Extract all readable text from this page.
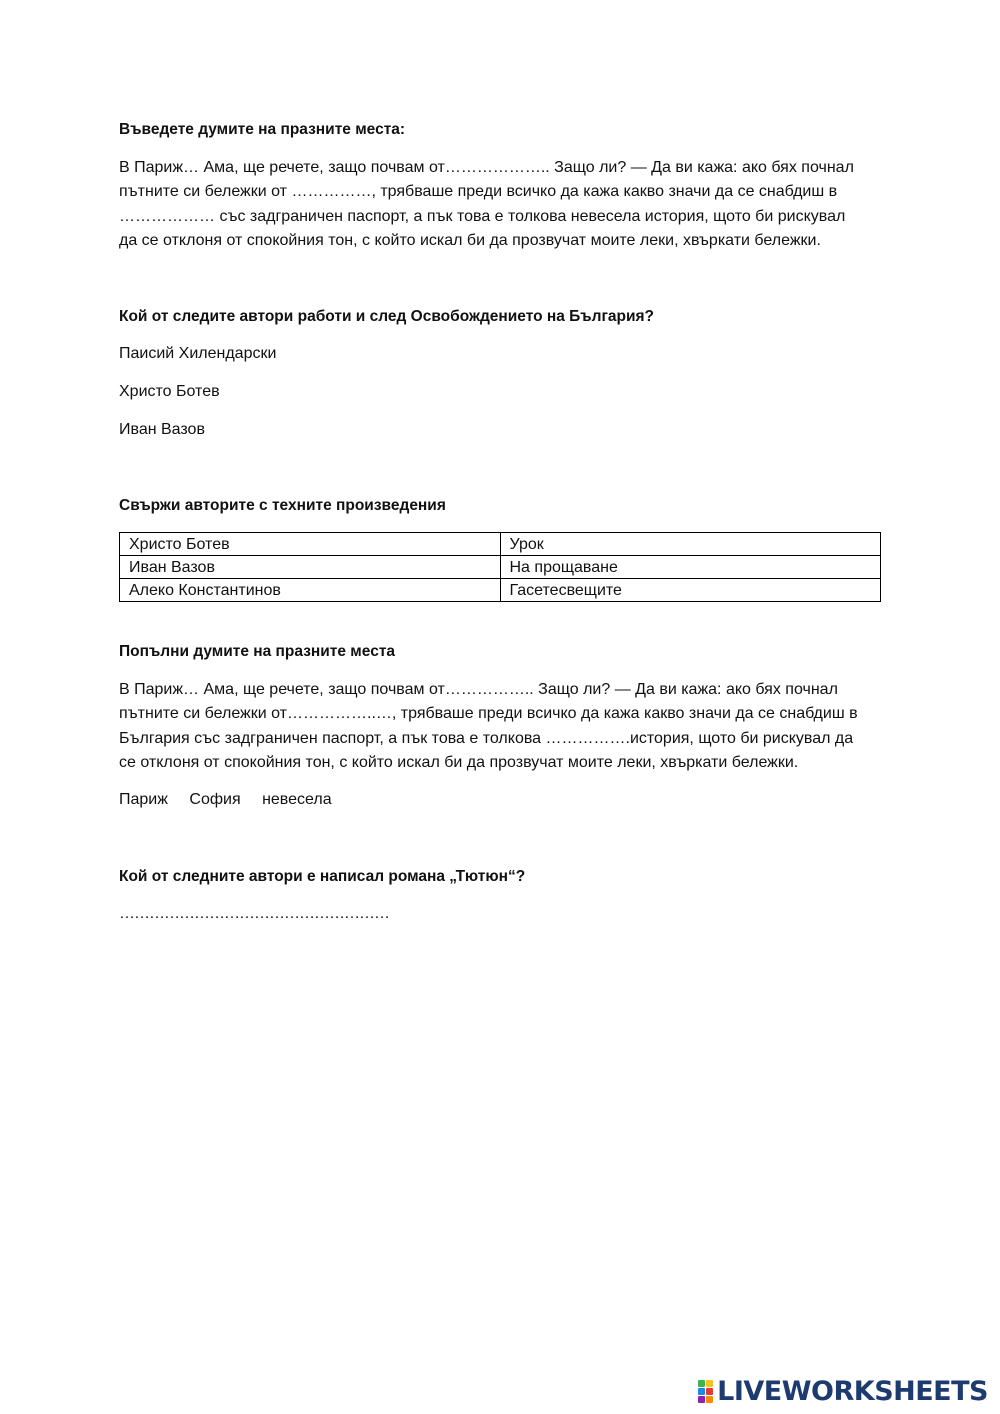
Въведете думите на празните места:
В Париж… Ама, ще речете, защо почвам от……………….. Защо ли? — Да ви кажа: ако бях почнал
пътните си бележки от ……………, трябваше преди всичко да кажа какво значи да се снабдиш в
……………… със задграничен паспорт, а пък това е толкова невесела история, щото би рискувал
да се отклоня от спокойния тон, с който искал би да прозвучат моите леки, хвъркати бележки.
Кой от следите автори работи и след Освобождението на България?
Паисий Хилендарски
Христо Ботев
Иван Вазов
Свържи авторите с техните произведения
Христо Ботев	Урок
Иван Вазов	На прощаване
Алеко Константинов	Гасетесвещите
Попълни думите на празните места
В Париж… Ама, ще речете, защо почвам от…………….. Защо ли? — Да ви кажа: ако бях почнал
пътните си бележки от……………..…, трябваше преди всичко да кажа какво значи да се снабдиш в
България със задграничен паспорт, а пък това е толкова …………….история, щото би рискувал да
се отклоня от спокойния тон, с който искал би да прозвучат моите леки, хвъркати бележки.
Париж София невесела
Кой от следните автори е написал романа „Тютюн“?
………………………………………………
LIVEWORKSHEETS
